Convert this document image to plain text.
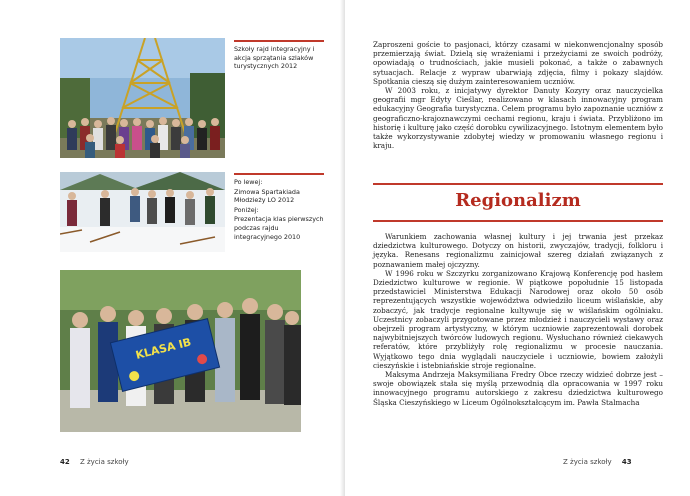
Szkoły rajd integracyjny i akcja sprzątania szlaków turystycznych 2012

Po lewej:

Zimowa Spartakiada Młodzieży LO 2012

Poniżej:

Prezentacja klas pierwszych podczas rajdu integracyjnego 2010

KLASA IB
42 Z życia szkoły

Zaproszeni goście to pasjonaci, którzy czasami w niekonwencjonalny sposób przemierzają świat. Dzielą się wrażeniami i przeżyciami ze swoich podróży, opowiadają o trudnościach, jakie musieli pokonać, a także o zabawnych sytuacjach. Relacje z wypraw ubarwiają zdjęcia, filmy i pokazy slajdów. Spotkania cieszą się dużym zainteresowaniem uczniów.

W 2003 roku, z inicjatywy dyrektor Danuty Kozyry oraz nauczycielka geografii mgr Edyty Cieślar, realizowano w klasach innowacyjny program edukacyjny Geografia turystyczna. Celem programu było zapoznanie uczniów z geograficzno-krajoznawczymi cechami regionu, kraju i świata. Przybliżono im historię i kulturę jako część dorobku cywilizacyjnego. Istotnym elementem było także wykorzystywanie zdobytej wiedzy w promowaniu własnego regionu i kraju.

Regionalizm

Warunkiem zachowania własnej kultury i jej trwania jest przekaz dziedzictwa kulturowego. Dotyczy on historii, zwyczajów, tradycji, folkloru i języka. Renesans regionalizmu zainicjował szereg działań związanych z poznawaniem małej ojczyzny.

W 1996 roku w Szczyrku zorganizowano Krajową Konferencję pod hasłem Dziedzictwo kulturowe w regionie. W piątkowe popołudnie 15 listopada przedstawiciel Ministerstwa Edukacji Narodowej oraz około 50 osób reprezentujących wszystkie województwa odwiedziło liceum wiślańskie, aby zobaczyć, jak tradycje regionalne kultywuje się w wiślańskim ogólniaku. Uczestnicy zobaczyli przygotowane przez młodzież i nauczycieli wystawy oraz obejrzeli program artystyczny, w którym uczniowie zaprezentowali dorobek najwybitniejszych twórców ludowych regionu. Wysłuchano również ciekawych referatów, które przybliżyły rolę regionalizmu w procesie nauczania. Wyjątkowo tego dnia wyglądali nauczyciele i uczniowie, bowiem założyli cieszyńskie i istebniańskie stroje regionalne.

Maksyma Andrzeja Maksymiliana Fredry Obce rzeczy widzieć dobrze jest – swoje obowiązek stała się myślą przewodnią dla opracowania w 1997 roku innowacyjnego programu autorskiego z zakresu dziedzictwa kulturowego Śląska Cieszyńskiego w Liceum Ogólnokształcącym im. Pawła Stalmacha

Z życia szkoły 43
